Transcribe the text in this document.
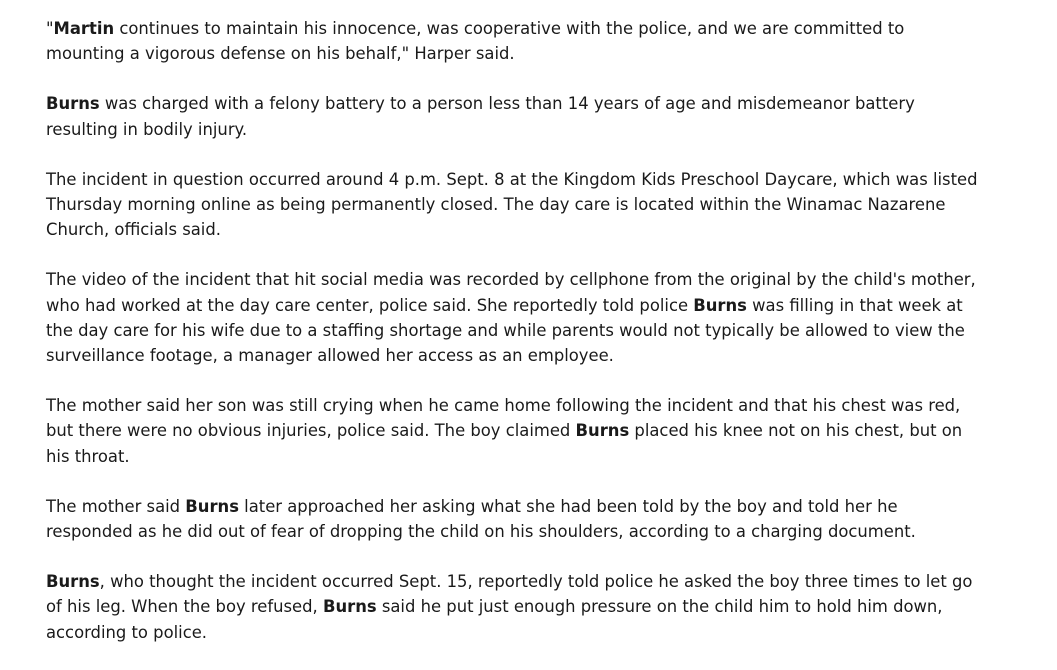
"Martin continues to maintain his innocence, was cooperative with the police, and we are committed to mounting a vigorous defense on his behalf," Harper said.

Burns was charged with a felony battery to a person less than 14 years of age and misdemeanor battery resulting in bodily injury.

The incident in question occurred around 4 p.m. Sept. 8 at the Kingdom Kids Preschool Daycare, which was listed Thursday morning online as being permanently closed. The day care is located within the Winamac Nazarene Church, officials said.

The video of the incident that hit social media was recorded by cellphone from the original by the child's mother, who had worked at the day care center, police said. She reportedly told police Burns was filling in that week at the day care for his wife due to a staffing shortage and while parents would not typically be allowed to view the surveillance footage, a manager allowed her access as an employee.

The mother said her son was still crying when he came home following the incident and that his chest was red, but there were no obvious injuries, police said. The boy claimed Burns placed his knee not on his chest, but on his throat.

The mother said Burns later approached her asking what she had been told by the boy and told her he responded as he did out of fear of dropping the child on his shoulders, according to a charging document.

Burns, who thought the incident occurred Sept. 15, reportedly told police he asked the boy three times to let go of his leg. When the boy refused, Burns said he put just enough pressure on the child him to hold him down, according to police.
